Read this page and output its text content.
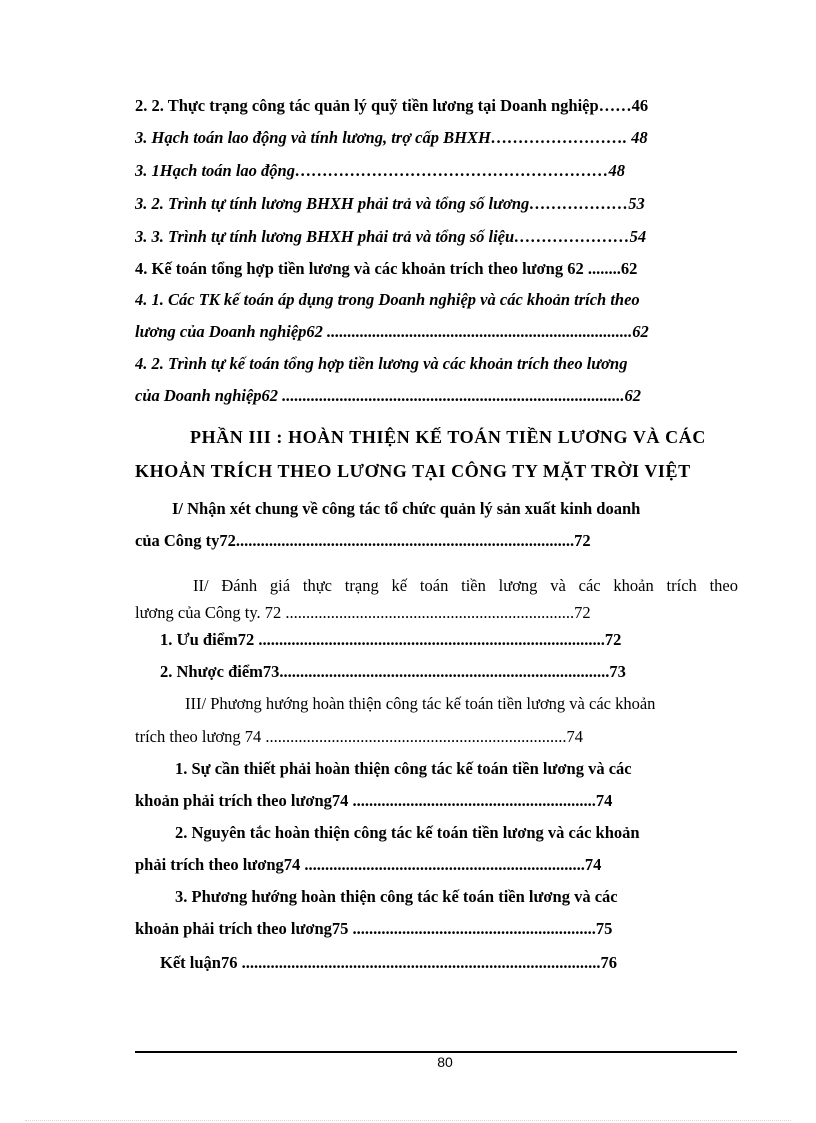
2. 2. Thực trạng công tác quản lý quỹ tiền lương tại Doanh nghiệp……46
3. Hạch toán lao động và tính lương, trợ cấp BHXH……………………. 48
3. 1Hạch toán lao động…………………………………………………48
3. 2. Trình tự tính lương BHXH phải trả và tổng số lương………………53
3. 3. Trình tự tính lương BHXH phải trả và tổng số liệu…………………54
4. Kế toán tổng hợp tiền lương và các khoản trích theo lương 62 ........62
4. 1. Các TK kế toán áp dụng trong Doanh nghiệp và các khoản trích theo
lương của Doanh nghiệp62 ..........................................................................62
4. 2. Trình tự kế toán tổng hợp tiền lương và các khoản trích theo lương
của Doanh nghiệp62 ...................................................................................62
PHẦN III : HOÀN THIỆN KẾ TOÁN TIỀN LƯƠNG VÀ CÁC
KHOẢN TRÍCH THEO LƯƠNG TẠI CÔNG TY MẶT TRỜI VIỆT
I/ Nhận xét chung về công tác tổ chức quản lý sản xuất kinh doanh
của Công ty72..................................................................................72
II/ Đánh giá thực trạng kế toán tiền lương và các khoản trích theo
lương của Công ty. 72 ......................................................................72
1. Ưu điểm72 ....................................................................................72
2. Nhược điểm73................................................................................73
III/ Phương hướng hoàn thiện công tác kế toán tiền lương và các khoản
trích theo lương 74 .........................................................................74
1. Sự cần thiết phải hoàn thiện công tác kế toán tiền lương và các
khoản phải trích theo lương74 ...........................................................74
2. Nguyên tắc hoàn thiện công tác kế toán tiền lương và các khoản
phải trích theo lương74 ....................................................................74
3. Phương hướng hoàn thiện công tác kế toán tiền lương và các
khoản phải trích theo lương75 ...........................................................75
Kết luận76 .......................................................................................76
80
